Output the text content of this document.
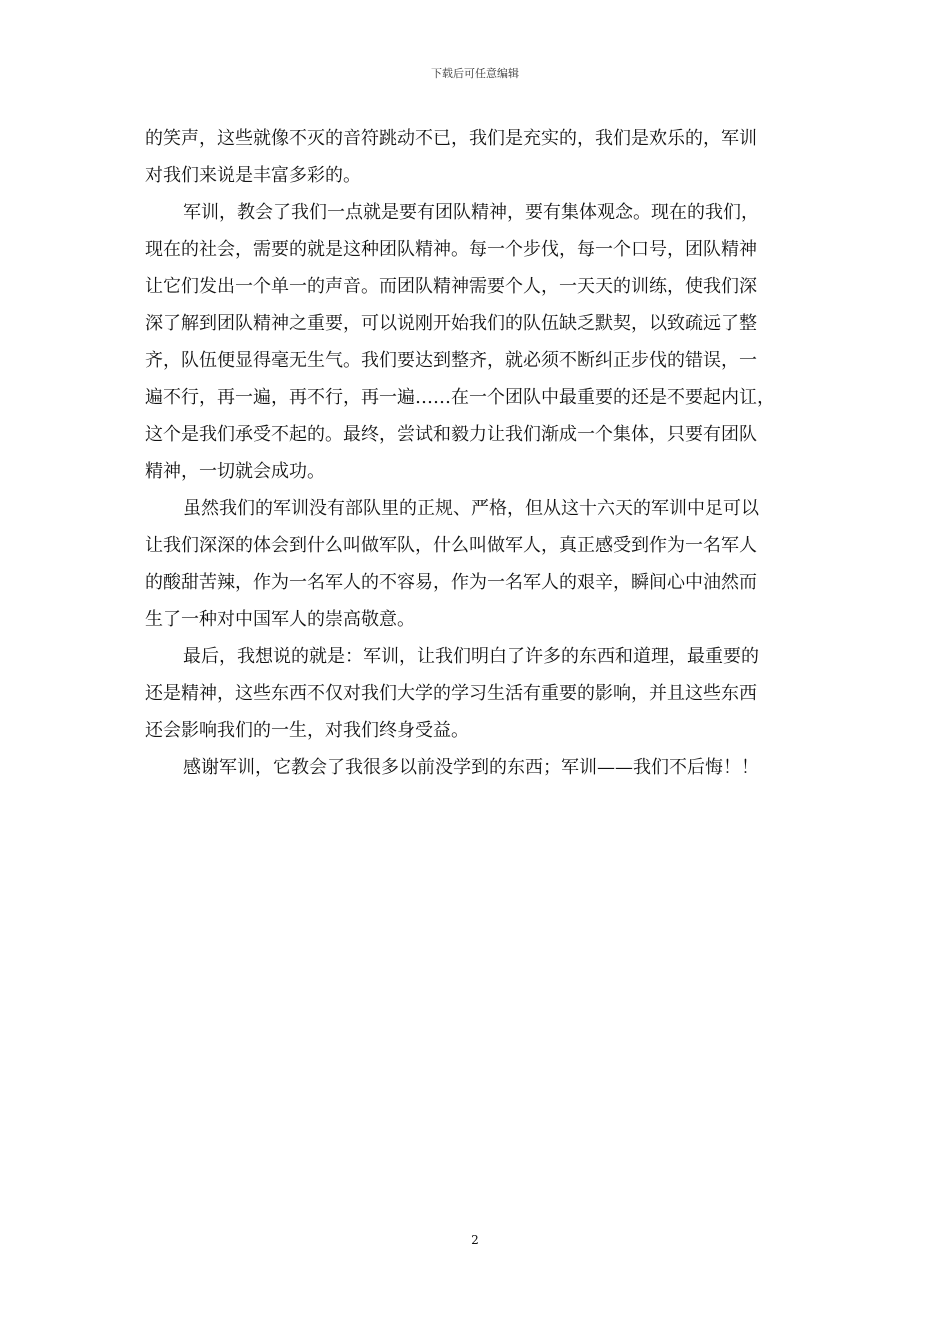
下载后可任意编辑
的笑声，这些就像不灭的音符跳动不已，我们是充实的，我们是欢乐的，军训
对我们来说是丰富多彩的。
军训，教会了我们一点就是要有团队精神，要有集体观念。现在的我们，
现在的社会，需要的就是这种团队精神。每一个步伐，每一个口号，团队精神
让它们发出一个单一的声音。而团队精神需要个人，一天天的训练，使我们深
深了解到团队精神之重要，可以说刚开始我们的队伍缺乏默契，以致疏远了整
齐，队伍便显得毫无生气。我们要达到整齐，就必须不断纠正步伐的错误，一
遍不行，再一遍，再不行，再一遍……在一个团队中最重要的还是不要起内讧，
这个是我们承受不起的。最终，尝试和毅力让我们渐成一个集体，只要有团队
精神，一切就会成功。
虽然我们的军训没有部队里的正规、严格，但从这十六天的军训中足可以
让我们深深的体会到什么叫做军队，什么叫做军人，真正感受到作为一名军人
的酸甜苦辣，作为一名军人的不容易，作为一名军人的艰辛，瞬间心中油然而
生了一种对中国军人的崇高敬意。
最后，我想说的就是：军训，让我们明白了许多的东西和道理，最重要的
还是精神，这些东西不仅对我们大学的学习生活有重要的影响，并且这些东西
还会影响我们的一生，对我们终身受益。
感谢军训，它教会了我很多以前没学到的东西；军训——我们不后悔！！
2
